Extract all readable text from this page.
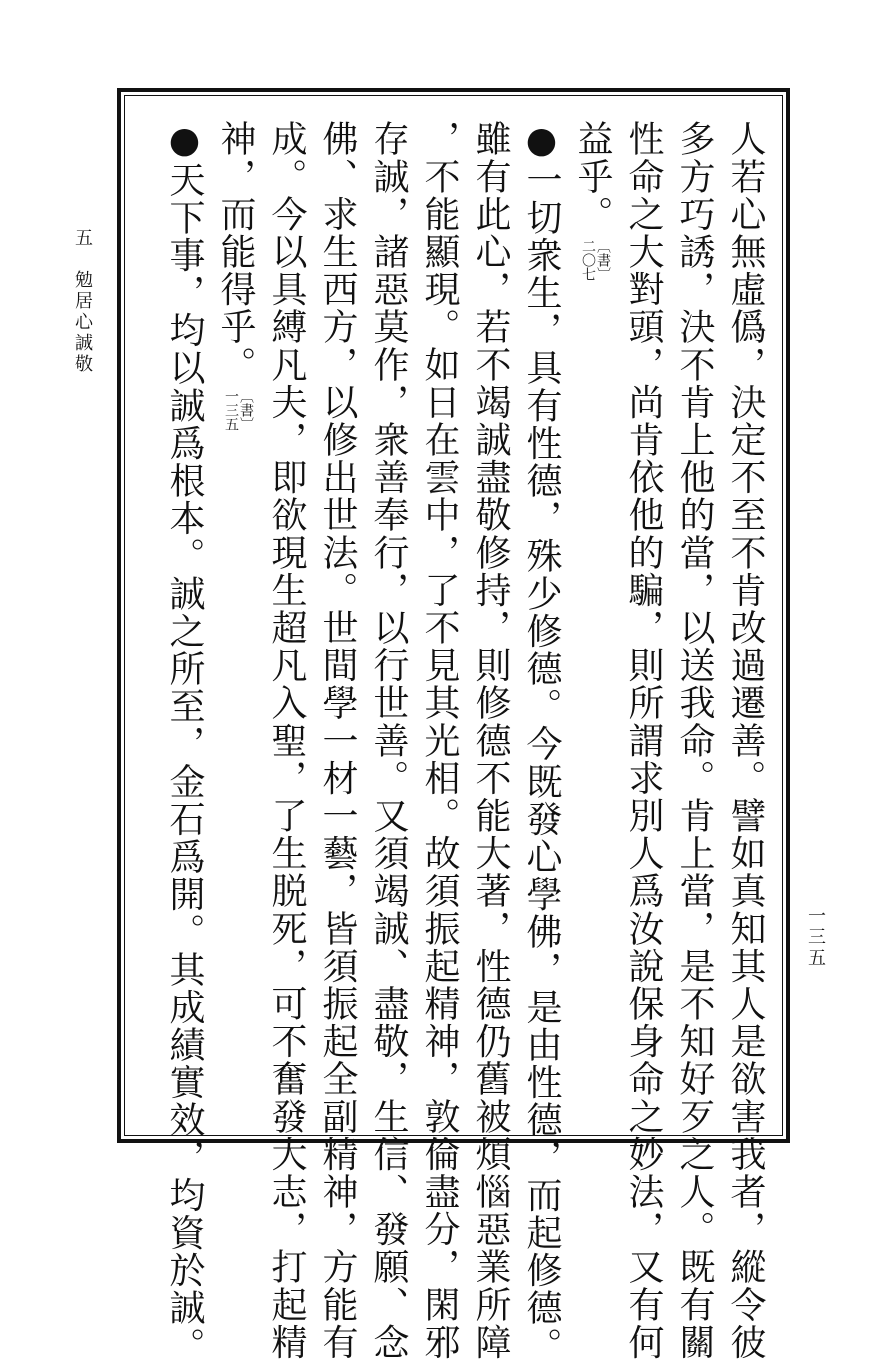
五
勉居心誠敬
一三五
人若心無虛僞，決定不至不肯改過遷善。譬如真知其人是欲害我者，縱令彼
多方巧誘，決不肯上他的當，以送我命。肯上當，是不知好歹之人。既有關
性命之大對頭，尚肯依他的騙，則所謂求別人爲汝說保身命之妙法，又有何
益乎。
〔書〕
二〇七
●一切衆生，具有性德，殊少修德。今既發心學佛，是由性德，而起修德。
雖有此心，若不竭誠盡敬修持，則修德不能大著，性德仍舊被煩惱惡業所障
，不能顯現。如日在雲中，了不見其光相。故須振起精神，敦倫盡分，閑邪
存誠，諸惡莫作，衆善奉行，以行世善。又須竭誠、盡敬，生信、發願、念
佛、求生西方，以修出世法。世間學一材一藝，皆須振起全副精神，方能有
成。今以具縛凡夫，即欲現生超凡入聖，了生脱死，可不奮發大志，打起精
神，而能得乎。
〔書〕
一三五
●天下事，均以誠爲根本。誠之所至，金石爲開。其成績實效，均資於誠。
